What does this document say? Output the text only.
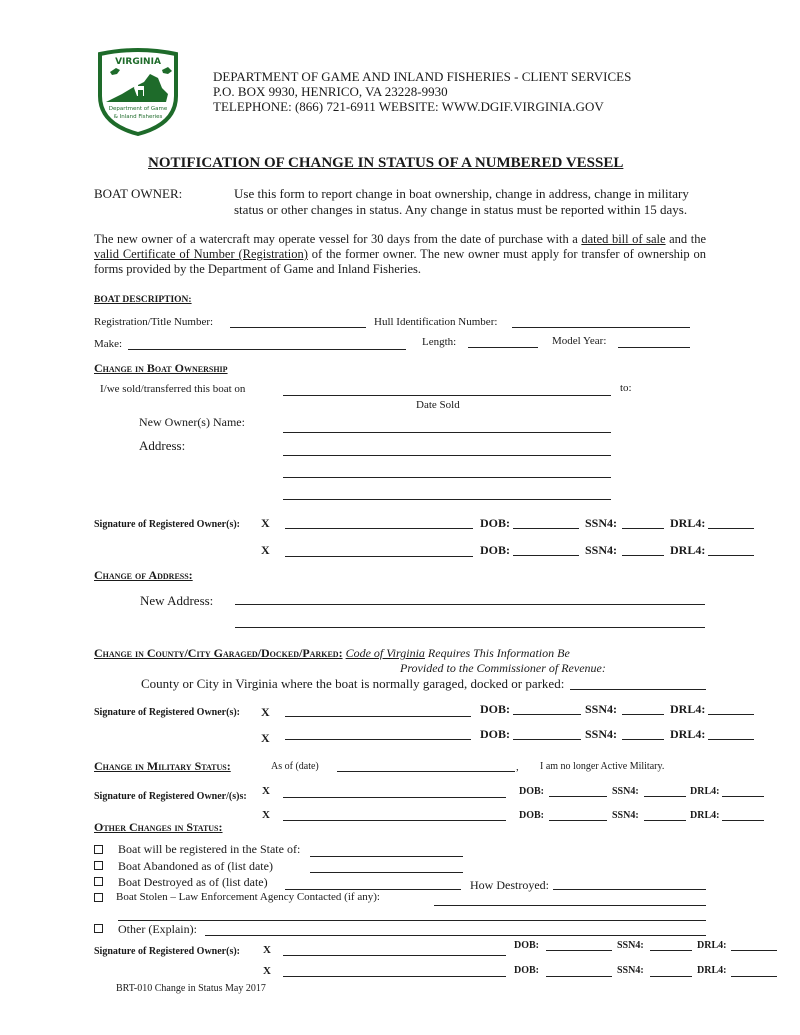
VIRGINIA
Department of Game
& Inland Fisheries
DEPARTMENT OF GAME AND INLAND FISHERIES - CLIENT SERVICES
P.O. BOX 9930, HENRICO, VA 23228-9930
TELEPHONE: (866) 721-6911 WEBSITE: WWW.DGIF.VIRGINIA.GOV
NOTIFICATION OF CHANGE IN STATUS OF A NUMBERED VESSEL
BOAT OWNER:	Use this form to report change in boat ownership, change in address, change in military
status or other changes in status. Any change in status must be reported within 15 days.
The new owner of a watercraft may operate vessel for 30 days from the date of purchase with a dated bill of sale and the valid Certificate of Number (Registration) of the former owner. The new owner must apply for transfer of ownership on forms provided by the Department of Game and Inland Fisheries.
BOAT DESCRIPTION:
Registration/Title Number:	Hull Identification Number:
Make:	Length:	Model Year:
Change in Boat Ownership
I/we sold/transferred this boat on	to:
Date Sold
New Owner(s) Name:
Address:
Signature of Registered Owner(s): X	DOB:	SSN4:	DRL4:
X	DOB:	SSN4:	DRL4:
Change of Address:
New Address:
Change in County/City Garaged/Docked/Parked: Code of Virginia Requires This Information Be
Provided to the Commissioner of Revenue:
County or City in Virginia where the boat is normally garaged, docked or parked:
Signature of Registered Owner(s): X	DOB:	SSN4:	DRL4:
X	DOB:	SSN4:	DRL4:
Change in Military Status:	As of (date)	, I am no longer Active Military.
Signature of Registered Owner/(s)s: X	DOB:	SSN4:	DRL4:
X	DOB:	SSN4:	DRL4:
Other Changes in Status:
Boat will be registered in the State of:
Boat Abandoned as of (list date)
Boat Destroyed as of (list date)	How Destroyed:
Boat Stolen – Law Enforcement Agency Contacted (if any):
Other (Explain):
Signature of Registered Owner(s): X	DOB:	SSN4:	DRL4:
X	DOB:	SSN4:	DRL4:
BRT-010 Change in Status May 2017
